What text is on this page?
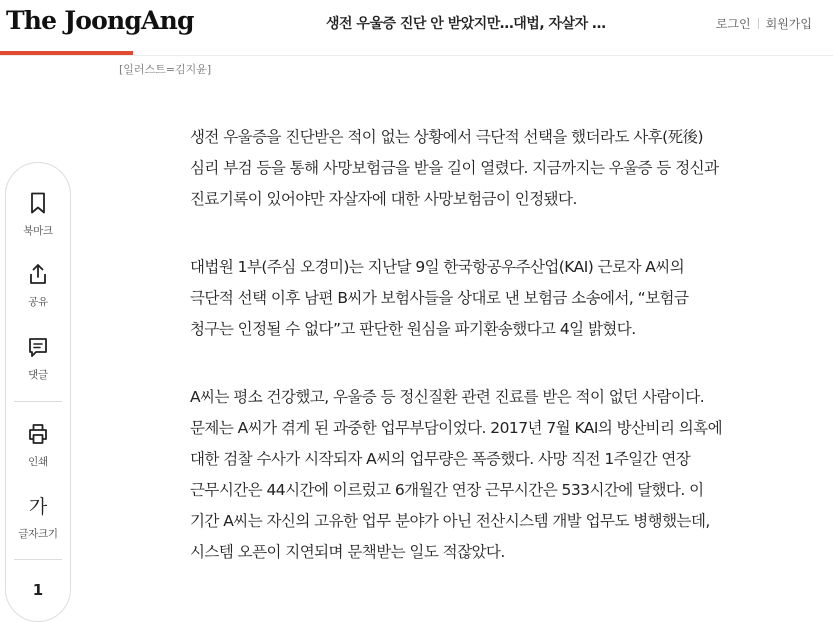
The JoongAng	생전 우울증 진단 안 받았지만…대법, 자살자 …	로그인 회원가입
[일러스트=김지윤]

생전 우울증을 진단받은 적이 없는 상황에서 극단적 선택을 했더라도 사후(死後)
심리 부검 등을 통해 사망보험금을 받을 길이 열렸다. 지금까지는 우울증 등 정신과
진료기록이 있어야만 자살자에 대한 사망보험금이 인정됐다.

대법원 1부(주심 오경미)는 지난달 9일 한국항공우주산업(KAI) 근로자 A씨의
극단적 선택 이후 남편 B씨가 보험사들을 상대로 낸 보험금 소송에서, “보험금
청구는 인정될 수 없다”고 판단한 원심을 파기환송했다고 4일 밝혔다.

A씨는 평소 건강했고, 우울증 등 정신질환 관련 진료를 받은 적이 없던 사람이다.
문제는 A씨가 겪게 된 과중한 업무부담이었다. 2017년 7월 KAI의 방산비리 의혹에
대한 검찰 수사가 시작되자 A씨의 업무량은 폭증했다. 사망 직전 1주일간 연장
근무시간은 44시간에 이르렀고 6개월간 연장 근무시간은 533시간에 달했다. 이
기간 A씨는 자신의 고유한 업무 분야가 아닌 전산시스템 개발 업무도 병행했는데,
시스템 오픈이 지연되며 문책받는 일도 적잖았다.

북마크
공유
댓글
인쇄
가
글자크기
1
